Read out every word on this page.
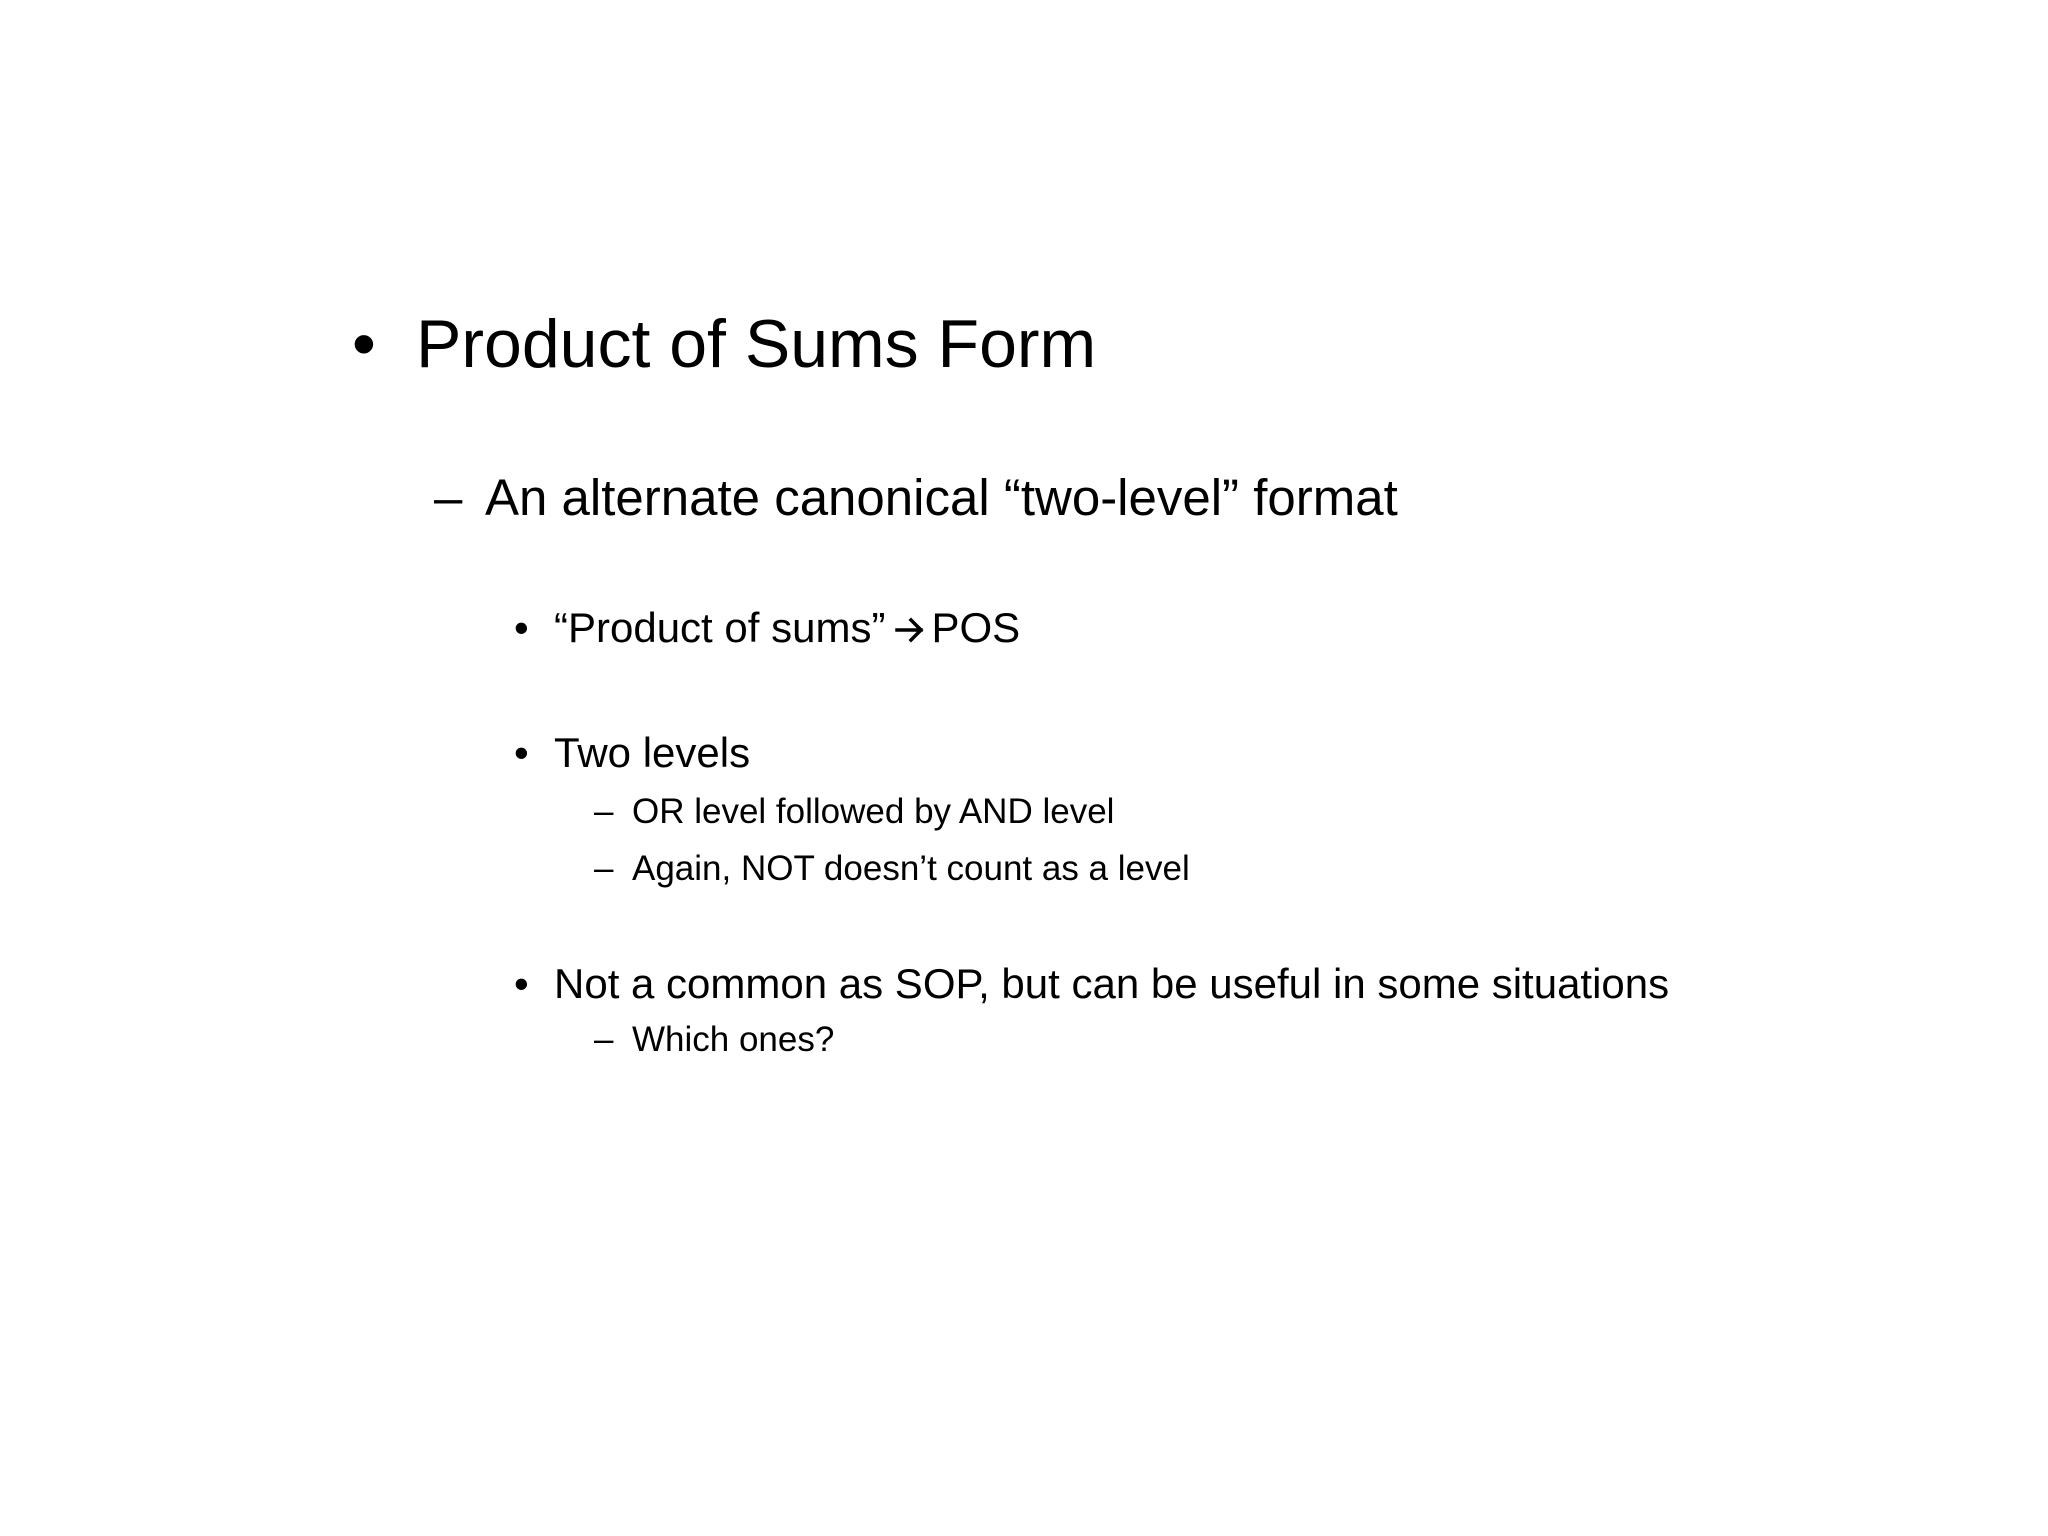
• Product of Sums Form
– An alternate canonical “two-level” format
• “Product of sums” POS
• Two levels
– OR level followed by AND level
– Again, NOT doesn’t count as a level
• Not a common as SOP, but can be useful in some situations
– Which ones?
